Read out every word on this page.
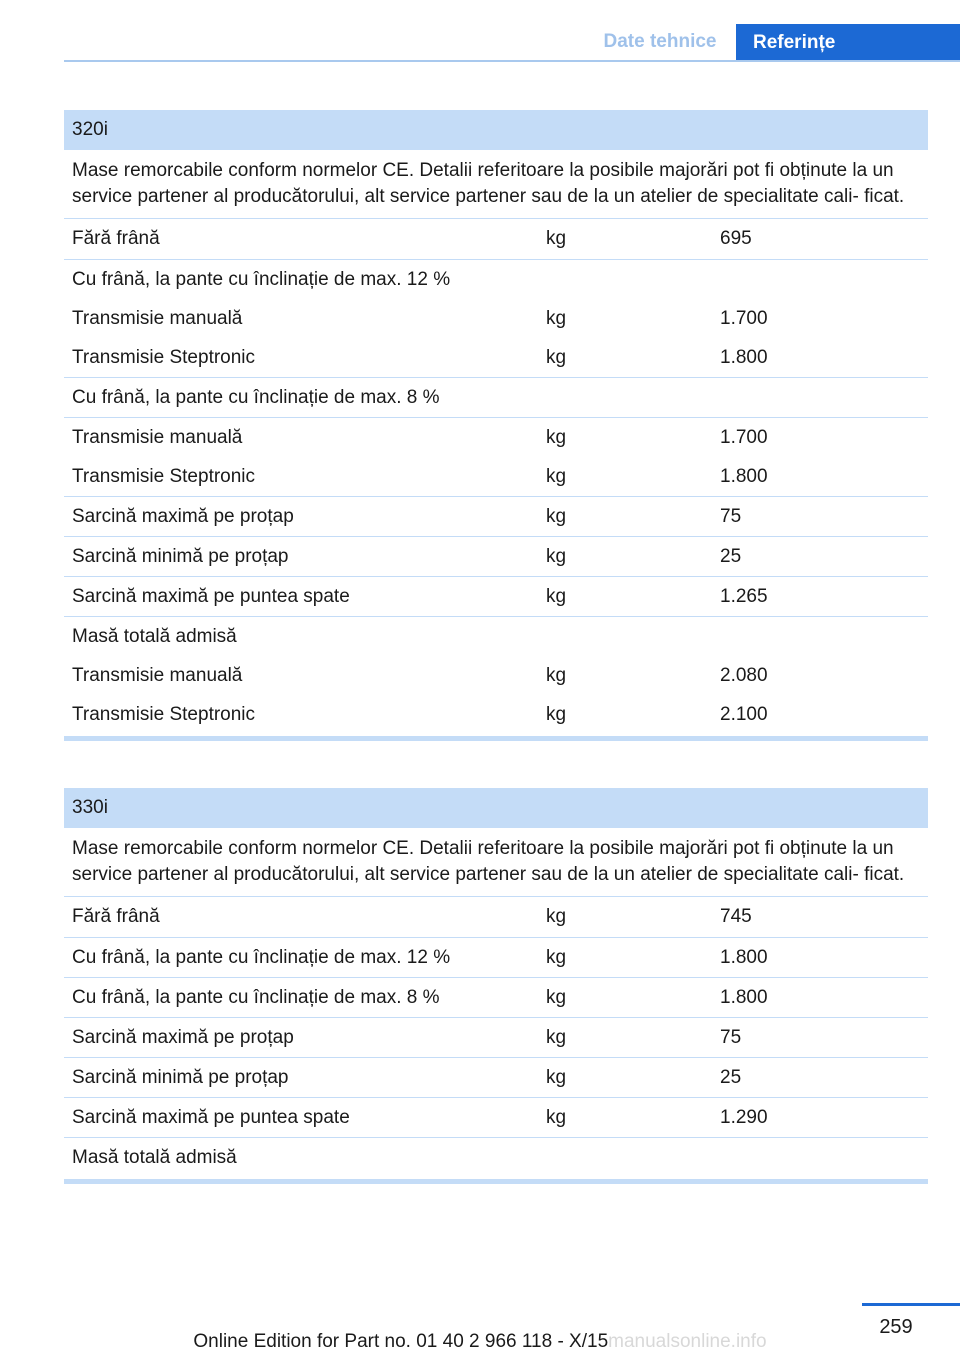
Date tehnice	Referințe
320i
Mase remorcabile conform normelor CE. Detalii referitoare la posibile majorări pot fi obținute la un service partener al producătorului, alt service partener sau de la un atelier de specialitate cali‐ ficat.
Fără frână	kg	695
Cu frână, la pante cu înclinație de max. 12 %
Transmisie manuală	kg	1.700
Transmisie Steptronic	kg	1.800
Cu frână, la pante cu înclinație de max. 8 %
Transmisie manuală	kg	1.700
Transmisie Steptronic	kg	1.800
Sarcină maximă pe proțap	kg	75
Sarcină minimă pe proțap	kg	25
Sarcină maximă pe puntea spate	kg	1.265
Masă totală admisă
Transmisie manuală	kg	2.080
Transmisie Steptronic	kg	2.100
330i
Mase remorcabile conform normelor CE. Detalii referitoare la posibile majorări pot fi obținute la un service partener al producătorului, alt service partener sau de la un atelier de specialitate cali‐ ficat.
Fără frână	kg	745
Cu frână, la pante cu înclinație de max. 12 %	kg	1.800
Cu frână, la pante cu înclinație de max. 8 %	kg	1.800
Sarcină maximă pe proțap	kg	75
Sarcină minimă pe proțap	kg	25
Sarcină maximă pe puntea spate	kg	1.290
Masă totală admisă
259
Online Edition for Part no. 01 40 2 966 118 - X/15manualsonline.info
